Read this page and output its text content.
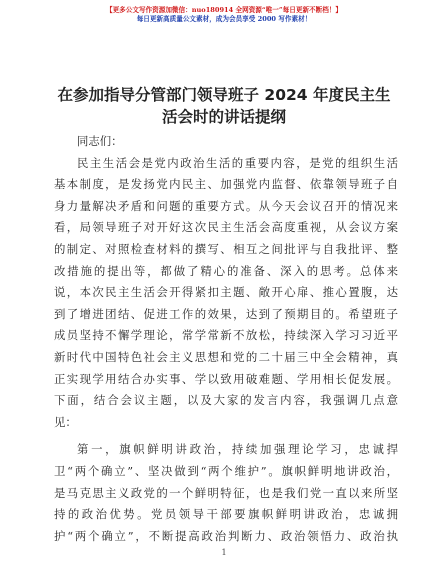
【更多公文写作资源加微信：nuo180914 全网资源“唯一”每日更新不断档！】
每日更新高质量公文素材，成为会员享受 2000 写作素材！
在参加指导分管部门领导班子 2024 年度民主生
活会时的讲话提纲
同志们：
民主生活会是党内政治生活的重要内容，是党的组织生活
基本制度，是发扬党内民主、加强党内监督、依靠领导班子自
身力量解决矛盾和问题的重要方式。从今天会议召开的情况来
看，局领导班子对开好这次民主生活会高度重视，从会议方案
的制定、对照检查材料的撰写、相互之间批评与自我批评、整
改措施的提出等，都做了精心的准备、深入的思考。总体来
说，本次民主生活会开得紧扣主题、敞开心扉、推心置腹，达
到了增进团结、促进工作的效果，达到了预期目的。希望班子
成员坚持不懈学理论，常学常新不放松，持续深入学习习近平
新时代中国特色社会主义思想和党的二十届三中全会精神，真
正实现学用结合办实事、学以致用破难题、学用相长促发展。
下面，结合会议主题，以及大家的发言内容，我强调几点意
见：
第一，旗帜鲜明讲政治，持续加强理论学习，忠诚捍
卫“两个确立”、坚决做到“两个维护”。旗帜鲜明地讲政治，
是马克思主义政党的一个鲜明特征，也是我们党一直以来所坚
持的政治优势。党员领导干部要旗帜鲜明讲政治，忠诚拥
护“两个确立”，不断提高政治判断力、政治领悟力、政治执
1
